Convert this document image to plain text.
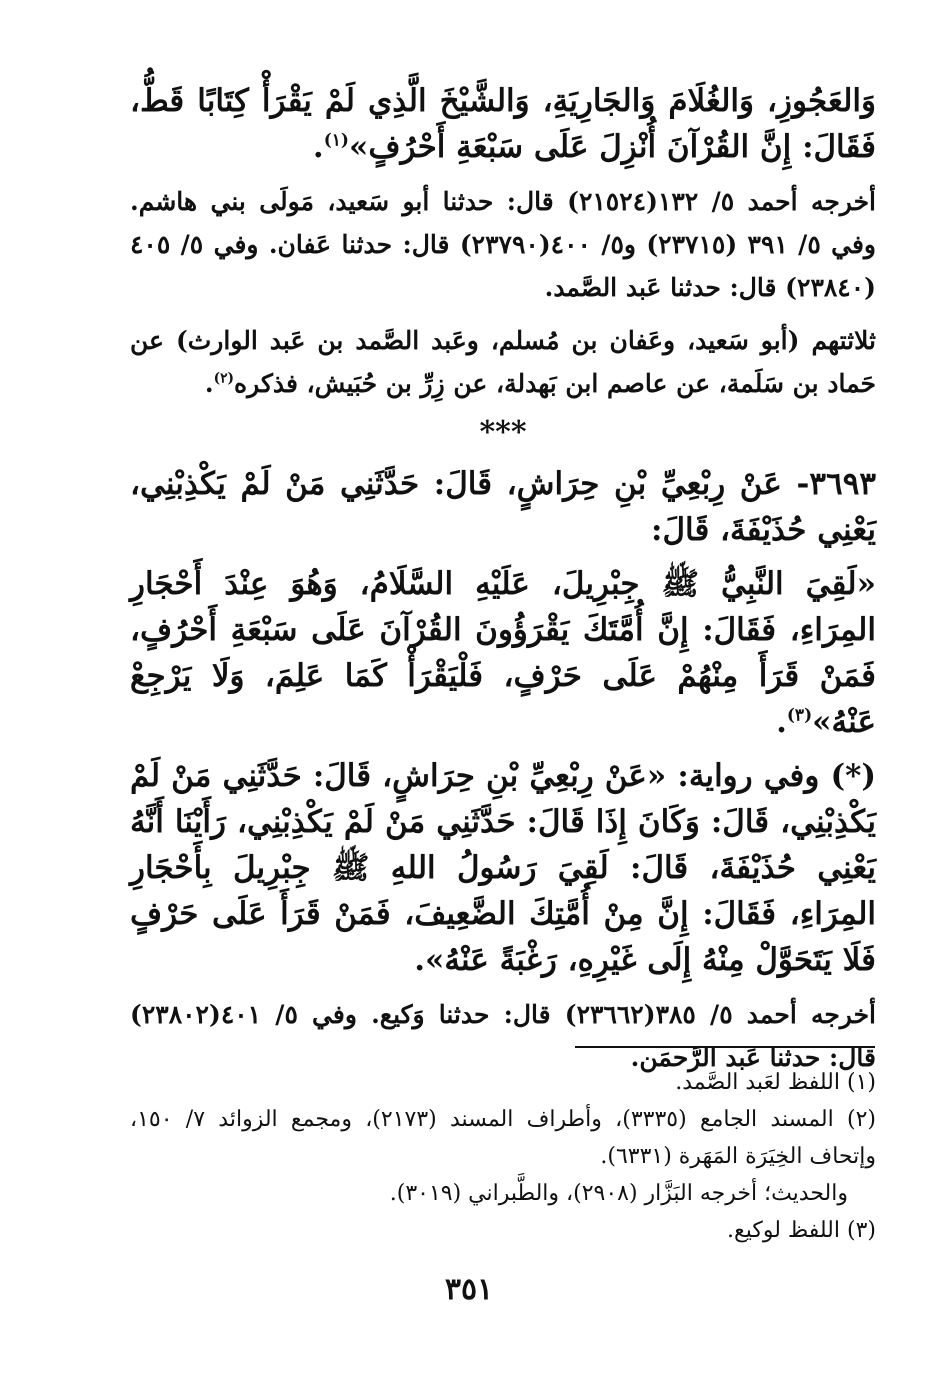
وَالعَجُوزِ، وَالغُلَامَ وَالجَارِيَةِ، وَالشَّيْخَ الَّذِي لَمْ يَقْرَأْ كِتَابًا قَطُّ، فَقَالَ: إِنَّ القُرْآنَ أُنْزِلَ عَلَى سَبْعَةِ أَحْرُفٍ»$^{(١)}$.

أخرجه أحمد ٥/ ١٣٢(٢١٥٢٤) قال: حدثنا أبو سَعيد، مَولَى بني هاشم. وفي ٥/ ٣٩١ (٢٣٧١٥) و٥/ ٤٠٠(٢٣٧٩٠) قال: حدثنا عَفان. وفي ٥/ ٤٠٥ (٢٣٨٤٠) قال: حدثنا عَبد الصَّمد.

ثلاثتهم (أبو سَعيد، وعَفان بن مُسلم، وعَبد الصَّمد بن عَبد الوارث) عن حَماد بن سَلَمة، عن عاصم ابن بَهدلة، عن زِرِّ بن حُبَيش، فذكره$^{(٢)}$.

***

٣٦٩٣- عَنْ رِبْعِيِّ بْنِ حِرَاشٍ، قَالَ: حَدَّثَنِي مَنْ لَمْ يَكْذِبْنِي، يَعْنِي حُذَيْفَةَ، قَالَ:

«لَقِيَ النَّبِيُّ ﷺ جِبْرِيلَ، عَلَيْهِ السَّلَامُ، وَهُوَ عِنْدَ أَحْجَارِ المِرَاءِ، فَقَالَ: إِنَّ أُمَّتَكَ يَقْرَؤُونَ القُرْآنَ عَلَى سَبْعَةِ أَحْرُفٍ، فَمَنْ قَرَأَ مِنْهُمْ عَلَى حَرْفٍ، فَلْيَقْرَأْ كَمَا عَلِمَ، وَلَا يَرْجِعْ عَنْهُ»$^{(٣)}$.

(*) وفي رواية: «عَنْ رِبْعِيِّ بْنِ حِرَاشٍ، قَالَ: حَدَّثَنِي مَنْ لَمْ يَكْذِبْنِي، قَالَ: وَكَانَ إِذَا قَالَ: حَدَّثَنِي مَنْ لَمْ يَكْذِبْنِي، رَأَيْنَا أَنَّهُ يَعْنِي حُذَيْفَةَ، قَالَ: لَقِيَ رَسُولُ اللهِ ﷺ جِبْرِيلَ بِأَحْجَارِ المِرَاءِ، فَقَالَ: إِنَّ مِنْ أُمَّتِكَ الضَّعِيفَ، فَمَنْ قَرَأَ عَلَى حَرْفٍ فَلَا يَتَحَوَّلْ مِنْهُ إِلَى غَيْرِهِ، رَغْبَةً عَنْهُ».

أخرجه أحمد ٥/ ٣٨٥(٢٣٦٦٢) قال: حدثنا وَكيع. وفي ٥/ ٤٠١(٢٣٨٠٢) قال: حدثنا عَبد الرَّحمَن.

(١) اللفظ لعَبد الصَّمد.

(٢) المسند الجامع (٣٣٣٥)، وأطراف المسند (٢١٧٣)، ومجمع الزوائد ٧/ ١٥٠، وإتحاف الخِيَرَة المَهَرة (٦٣٣١).

والحديث؛ أخرجه البَزَّار (٢٩٠٨)، والطَّبراني (٣٠١٩).

(٣) اللفظ لوكيع.

٣٥١
